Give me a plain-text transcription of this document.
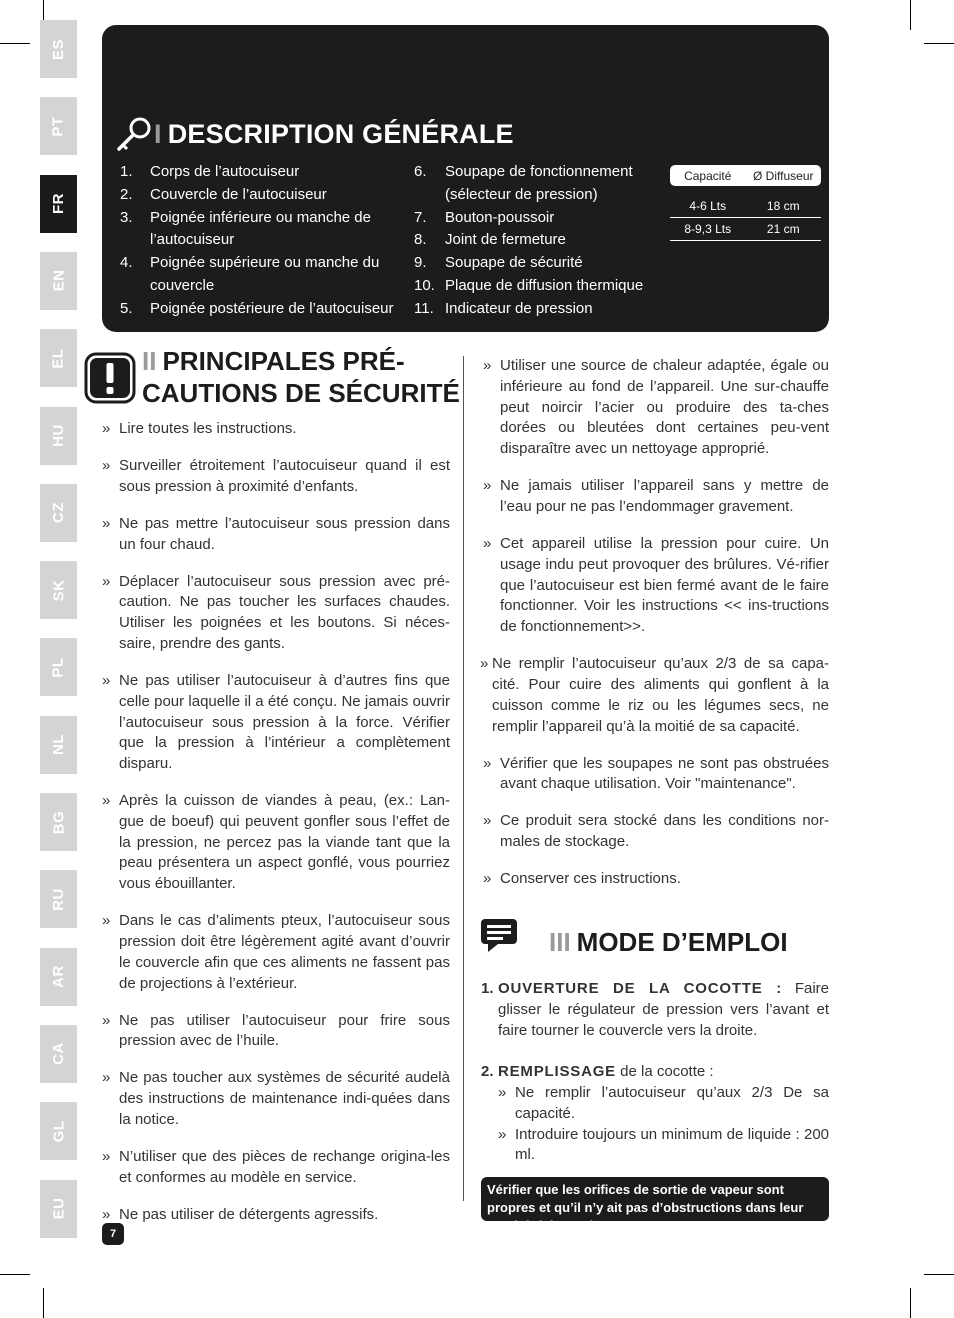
ES
PT
FR
EN
EL
HU
CZ
SK
PL
NL
BG
RU
AR
CA
GL
EU
I DESCRIPTION GÉNÉRALE
1. Corps de l’autocuiseur
2. Couvercle de l’autocuiseur
3. Poignée inférieure ou manche de l’autocuiseur
4. Poignée supérieure ou manche du couvercle
5. Poignée postérieure de l’autocuiseur
6. Soupape de fonctionnement (sélecteur de pression)
7. Bouton-poussoir
8. Joint de fermeture
9. Soupape de sécurité
10. Plaque de diffusion thermique
11. Indicateur de pression
Capacité	Ø Diffuseur
4-6 Lts	18 cm
8-9,3 Lts	21 cm
II PRINCIPALES PRÉ-
CAUTIONS DE SÉCURITÉ
» Lire toutes les instructions.
» Surveiller étroitement l’autocuiseur quand il est sous pression à proximité d’enfants.
» Ne pas mettre l’autocuiseur sous pression dans un four chaud.
» Déplacer l’autocuiseur sous pression avec pré-caution. Ne pas toucher les surfaces chaudes. Utiliser les poignées et les boutons. Si néces-saire, prendre des gants.
» Ne pas utiliser l’autocuiseur à d’autres fins que celle pour laquelle il a été conçu. Ne jamais ouvrir l’autocuiseur sous pression à la force. Vérifier que la pression à l’intérieur a complètement disparu.
» Après la cuisson de viandes à peau, (ex.: Lan-gue de boeuf) qui peuvent gonfler sous l’effet de la pression, ne percez pas la viande tant que la peau présentera un aspect gonflé, vous pourriez vous ébouillanter.
» Dans le cas d’aliments pteux, l’autocuiseur sous pression doit être légèrement agité avant d’ouvrir le couvercle afin que ces aliments ne fassent pas de projections à l’extérieur.
» Ne pas utiliser l’autocuiseur pour frire sous pression avec de l’huile.
» Ne pas toucher aux systèmes de sécurité audelà des instructions de maintenance indi-quées dans la notice.
» N’utiliser que des pièces de rechange origina-les et conformes au modèle en service.
» Ne pas utiliser de détergents agressifs.
» Utiliser une source de chaleur adaptée, égale ou inférieure au fond de l’appareil. Une sur-chauffe peut noircir l’acier ou produire des ta-ches dorées ou bleutées dont certaines peu-vent disparaître avec un nettoyage approprié.
» Ne jamais utiliser l’appareil sans y mettre de l’eau pour ne pas l’endommager gravement.
» Cet appareil utilise la pression pour cuire. Un usage indu peut provoquer des brûlures. Vé-rifier que l’autocuiseur est bien fermé avant de le faire fonctionner. Voir les instructions << ins-tructions de fonctionnement>>.
» Ne remplir l’autocuiseur qu’aux 2/3 de sa capa-cité. Pour cuire des aliments qui gonflent à la cuisson comme le riz ou les légumes secs, ne remplir l’appareil qu’à la moitié de sa capacité.
» Vérifier que les soupapes ne sont pas obstruées avant chaque utilisation. Voir "maintenance".
» Ce produit sera stocké dans les conditions nor-males de stockage.
» Conserver ces instructions.
III MODE D’EMPLOI
1. OUVERTURE DE LA COCOTTE : Faire glisser le régulateur de pression vers l’avant et faire tourner le couvercle vers la droite.
2. REMPLISSAGE de la cocotte :
» Ne remplir l’autocuiseur qu’aux 2/3 De sa capacité.
» Introduire toujours un minimum de liquide : 200 ml.
Vérifier que les orifices de sortie de vapeur sont propres et qu’il n’y ait pas d’obstructions dans leur conduit (Fig. 8, 9).
7
